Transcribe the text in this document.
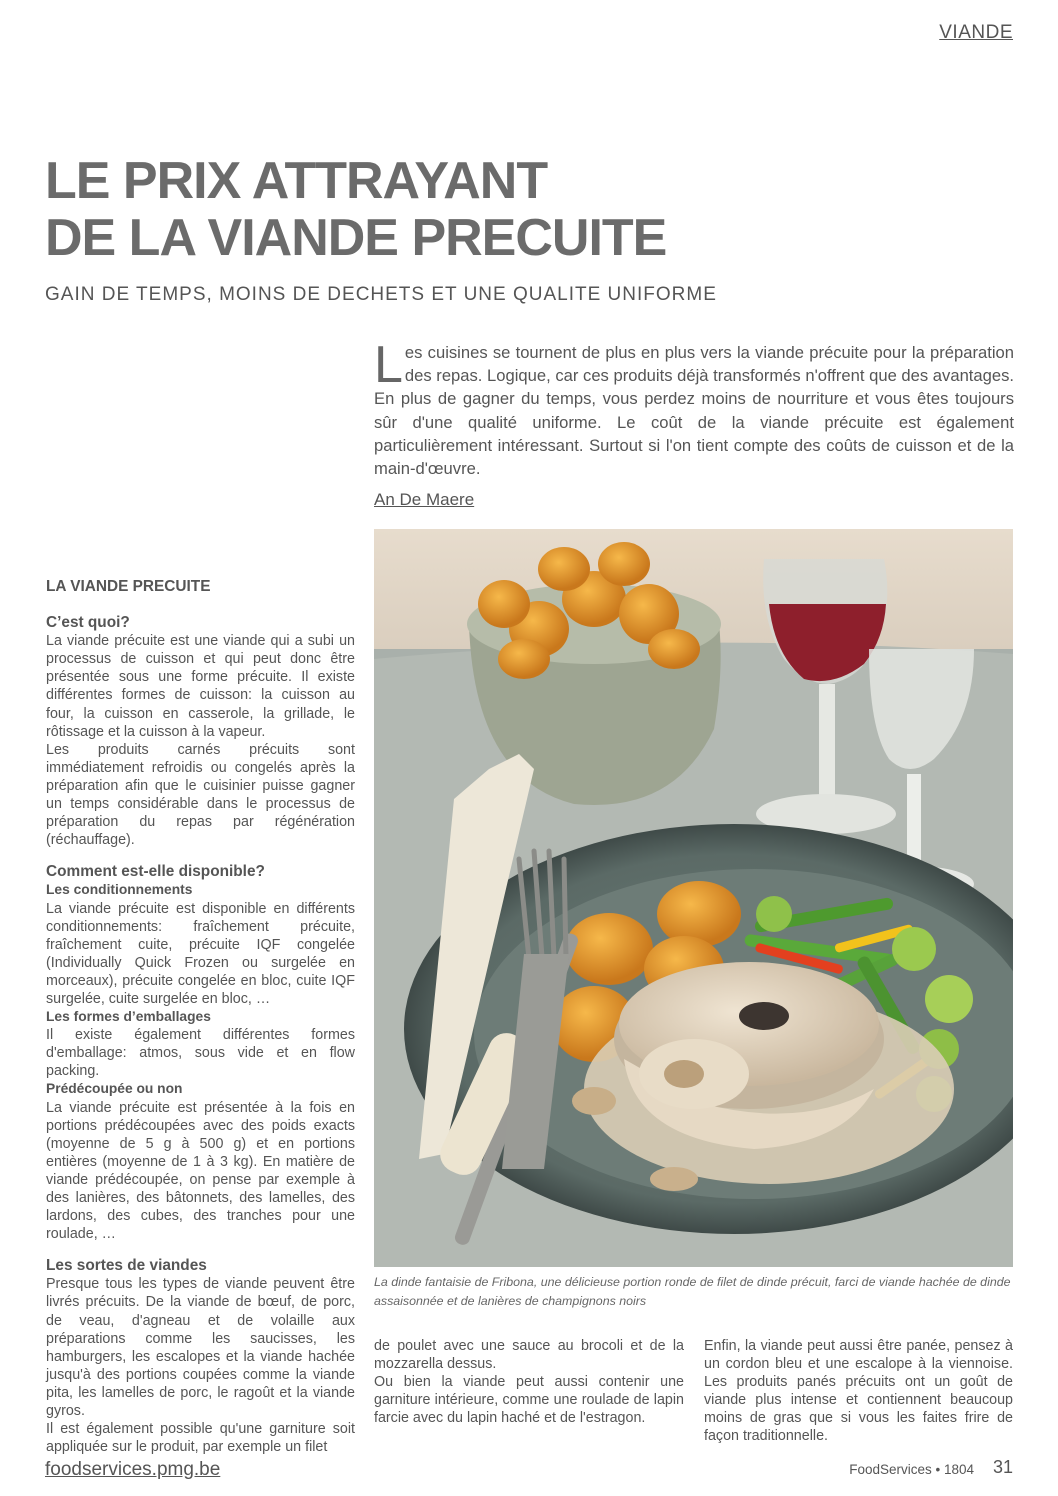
VIANDE
LE PRIX ATTRAYANT
DE LA VIANDE PRECUITE
GAIN DE TEMPS, MOINS DE DECHETS ET UNE QUALITE UNIFORME

Les cuisines se tournent de plus en plus vers la viande précuite pour la préparation des repas. Logique, car ces produits déjà transformés n'offrent que des avantages. En plus de gagner du temps, vous perdez moins de nourriture et vous êtes toujours sûr d'une qualité uniforme. Le coût de la viande précuite est également particulièrement intéressant. Surtout si l'on tient compte des coûts de cuisson et de la main-d'œuvre.

An De Maere

La dinde fantaisie de Fribona, une délicieuse portion ronde de filet de dinde précuit, farci de viande hachée de dinde assaisonnée et de lanières de champignons noirs

LA VIANDE PRECUITE

C’est quoi?

La viande précuite est une viande qui a subi un processus de cuisson et qui peut donc être présentée sous une forme précuite. Il existe différentes formes de cuisson: la cuisson au four, la cuisson en casserole, la grillade, le rôtissage et la cuisson à la vapeur.

Les produits carnés précuits sont immédiatement refroidis ou congelés après la préparation afin que le cuisinier puisse gagner un temps considérable dans le processus de préparation du repas par régénération (réchauffage).

Comment est-elle disponible?

Les conditionnements

La viande précuite est disponible en différents conditionnements: fraîchement précuite, fraîchement cuite, précuite IQF congelée (Individually Quick Frozen ou surgelée en morceaux), précuite congelée en bloc, cuite IQF surgelée, cuite surgelée en bloc, …

Les formes d’emballages

Il existe également différentes formes d'emballage: atmos, sous vide et en flow packing.

Prédécoupée ou non

La viande précuite est présentée à la fois en portions prédécoupées avec des poids exacts (moyenne de 5 g à 500 g) et en portions entières (moyenne de 1 à 3 kg). En matière de viande prédécoupée, on pense par exemple à des lanières, des bâtonnets, des lamelles, des lardons, des cubes, des tranches pour une roulade, …

Les sortes de viandes

Presque tous les types de viande peuvent être livrés précuits. De la viande de bœuf, de porc, de veau, d'agneau et de volaille aux préparations comme les saucisses, les hamburgers, les escalopes et la viande hachée jusqu'à des portions coupées comme la viande pita, les lamelles de porc, le ragoût et la viande gyros.

Il est également possible qu'une garniture soit appliquée sur le produit, par exemple un filet

de poulet avec une sauce au brocoli et de la mozzarella dessus.

Ou bien la viande peut aussi contenir une garniture intérieure, comme une roulade de lapin farcie avec du lapin haché et de l'estragon.

Enfin, la viande peut aussi être panée, pensez à un cordon bleu et une escalope à la viennoise. Les produits panés précuits ont un goût de viande plus intense et contiennent beaucoup moins de gras que si vous les faites frire de façon traditionnelle.

foodservices.pmg.be	FoodServices • 1804 31
